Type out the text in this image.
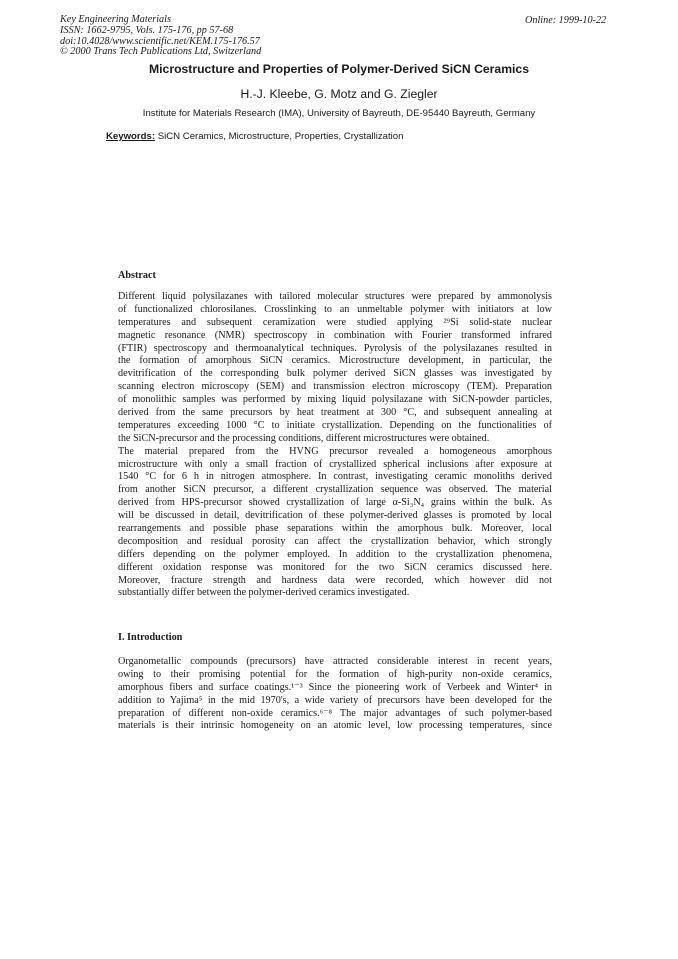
Key Engineering Materials
ISSN: 1662-9795, Vols. 175-176, pp 57-68
doi:10.4028/www.scientific.net/KEM.175-176.57
© 2000 Trans Tech Publications Ltd, Switzerland
Online: 1999-10-22
Microstructure and Properties of Polymer-Derived SiCN Ceramics
H.-J. Kleebe, G. Motz and G. Ziegler
Institute for Materials Research (IMA), University of Bayreuth, DE-95440 Bayreuth, Germany
Keywords: SiCN Ceramics, Microstructure, Properties, Crystallization
Abstract
Different liquid polysilazanes with tailored molecular structures were prepared by ammonolysis
of functionalized chlorosilanes. Crosslinking to an unmeltable polymer with initiators at low
temperatures and subsequent ceramization were studied applying ²⁹Si solid-state nuclear
magnetic resonance (NMR) spectroscopy in combination with Fourier transformed infrared
(FTIR) spectroscopy and thermoanalytical techniques. Pyrolysis of the polysilazanes resulted in
the formation of amorphous SiCN ceramics. Microstructure development, in particular, the
devitrification of the corresponding bulk polymer derived SiCN glasses was investigated by
scanning electron microscopy (SEM) and transmission electron microscopy (TEM). Preparation
of monolithic samples was performed by mixing liquid polysilazane with SiCN-powder particles,
derived from the same precursors by heat treatment at 300 °C, and subsequent annealing at
temperatures exceeding 1000 °C to initiate crystallization. Depending on the functionalities of
the SiCN-precursor and the processing conditions, different microstructures were obtained.
The material prepared from the HVNG precursor revealed a homogeneous amorphous
microstructure with only a small fraction of crystallized spherical inclusions after exposure at
1540 °C for 6 h in nitrogen atmosphere. In contrast, investigating ceramic monoliths derived
from another SiCN precursor, a different crystallization sequence was observed. The material
derived from HPS-precursor showed crystallization of large α-Si₃N₄ grains within the bulk. As
will be discussed in detail, devitrification of these polymer-derived glasses is promoted by local
rearrangements and possible phase separations within the amorphous bulk. Moreover, local
decomposition and residual porosity can affect the crystallization behavior, which strongly
differs depending on the polymer employed. In addition to the crystallization phenomena,
different oxidation response was monitored for the two SiCN ceramics discussed here.
Moreover, fracture strength and hardness data were recorded, which however did not
substantially differ between the polymer-derived ceramics investigated.
I. Introduction
Organometallic compounds (precursors) have attracted considerable interest in recent years,
owing to their promising potential for the formation of high-purity non-oxide ceramics,
amorphous fibers and surface coatings.¹⁻³ Since the pioneering work of Verbeek and Winter⁴ in
addition to Yajima⁵ in the mid 1970's, a wide variety of precursors have been developed for the
preparation of different non-oxide ceramics.⁶⁻⁸ The major advantages of such polymer-based
materials is their intrinsic homogeneity on an atomic level, low processing temperatures, since
